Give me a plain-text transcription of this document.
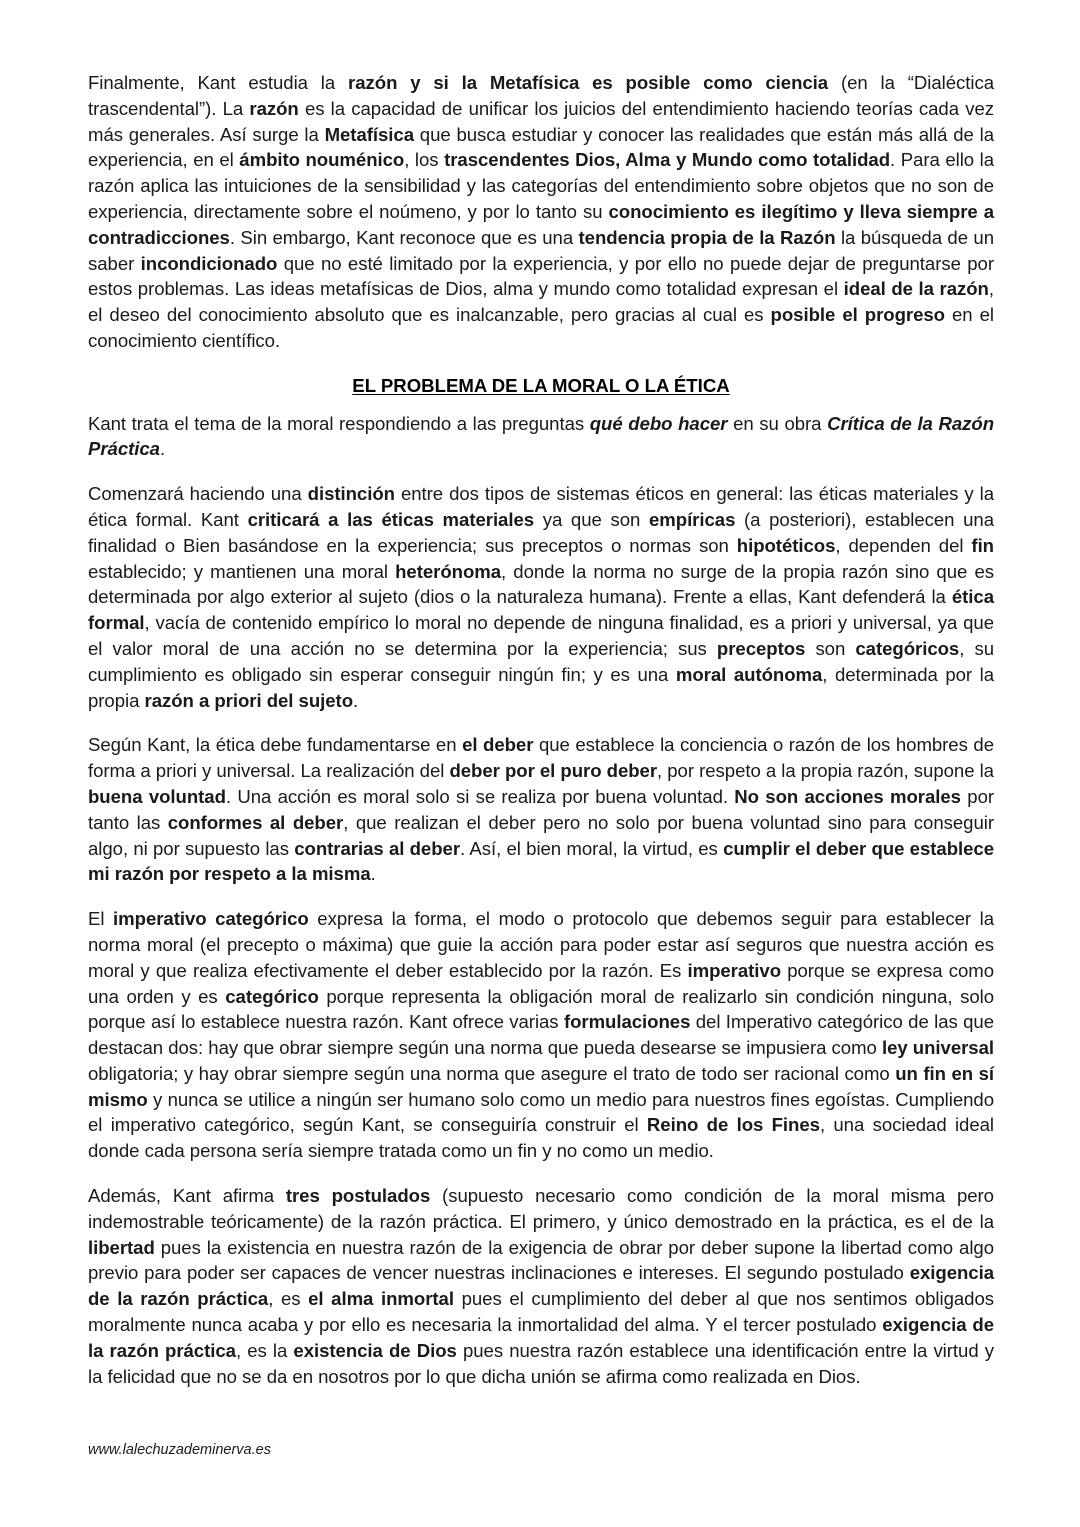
Finalmente, Kant estudia la razón y si la Metafísica es posible como ciencia (en la “Dialéctica trascendental”). La razón es la capacidad de unificar los juicios del entendimiento haciendo teorías cada vez más generales. Así surge la Metafísica que busca estudiar y conocer las realidades que están más allá de la experiencia, en el ámbito nouménico, los trascendentes Dios, Alma y Mundo como totalidad. Para ello la razón aplica las intuiciones de la sensibilidad y las categorías del entendimiento sobre objetos que no son de experiencia, directamente sobre el noúmeno, y por lo tanto su conocimiento es ilegítimo y lleva siempre a contradicciones. Sin embargo, Kant reconoce que es una tendencia propia de la Razón la búsqueda de un saber incondicionado que no esté limitado por la experiencia, y por ello no puede dejar de preguntarse por estos problemas. Las ideas metafísicas de Dios, alma y mundo como totalidad expresan el ideal de la razón, el deseo del conocimiento absoluto que es inalcanzable, pero gracias al cual es posible el progreso en el conocimiento científico.

EL PROBLEMA DE LA MORAL O LA ÉTICA

Kant trata el tema de la moral respondiendo a las preguntas qué debo hacer en su obra Crítica de la Razón Práctica.

Comenzará haciendo una distinción entre dos tipos de sistemas éticos en general: las éticas materiales y la ética formal. Kant criticará a las éticas materiales ya que son empíricas (a posteriori), establecen una finalidad o Bien basándose en la experiencia; sus preceptos o normas son hipotéticos, dependen del fin establecido; y mantienen una moral heterónoma, donde la norma no surge de la propia razón sino que es determinada por algo exterior al sujeto (dios o la naturaleza humana). Frente a ellas, Kant defenderá la ética formal, vacía de contenido empírico lo moral no depende de ninguna finalidad, es a priori y universal, ya que el valor moral de una acción no se determina por la experiencia; sus preceptos son categóricos, su cumplimiento es obligado sin esperar conseguir ningún fin; y es una moral autónoma, determinada por la propia razón a priori del sujeto.

Según Kant, la ética debe fundamentarse en el deber que establece la conciencia o razón de los hombres de forma a priori y universal. La realización del deber por el puro deber, por respeto a la propia razón, supone la buena voluntad. Una acción es moral solo si se realiza por buena voluntad. No son acciones morales por tanto las conformes al deber, que realizan el deber pero no solo por buena voluntad sino para conseguir algo, ni por supuesto las contrarias al deber. Así, el bien moral, la virtud, es cumplir el deber que establece mi razón por respeto a la misma.

El imperativo categórico expresa la forma, el modo o protocolo que debemos seguir para establecer la norma moral (el precepto o máxima) que guie la acción para poder estar así seguros que nuestra acción es moral y que realiza efectivamente el deber establecido por la razón. Es imperativo porque se expresa como una orden y es categórico porque representa la obligación moral de realizarlo sin condición ninguna, solo porque así lo establece nuestra razón. Kant ofrece varias formulaciones del Imperativo categórico de las que destacan dos: hay que obrar siempre según una norma que pueda desearse se impusiera como ley universal obligatoria; y hay obrar siempre según una norma que asegure el trato de todo ser racional como un fin en sí mismo y nunca se utilice a ningún ser humano solo como un medio para nuestros fines egoístas. Cumpliendo el imperativo categórico, según Kant, se conseguiría construir el Reino de los Fines, una sociedad ideal donde cada persona sería siempre tratada como un fin y no como un medio.

Además, Kant afirma tres postulados (supuesto necesario como condición de la moral misma pero indemostrable teóricamente) de la razón práctica. El primero, y único demostrado en la práctica, es el de la libertad pues la existencia en nuestra razón de la exigencia de obrar por deber supone la libertad como algo previo para poder ser capaces de vencer nuestras inclinaciones e intereses. El segundo postulado exigencia de la razón práctica, es el alma inmortal pues el cumplimiento del deber al que nos sentimos obligados moralmente nunca acaba y por ello es necesaria la inmortalidad del alma. Y el tercer postulado exigencia de la razón práctica, es la existencia de Dios pues nuestra razón establece una identificación entre la virtud y la felicidad que no se da en nosotros por lo que dicha unión se afirma como realizada en Dios.

www.lalechuzademinerva.es
